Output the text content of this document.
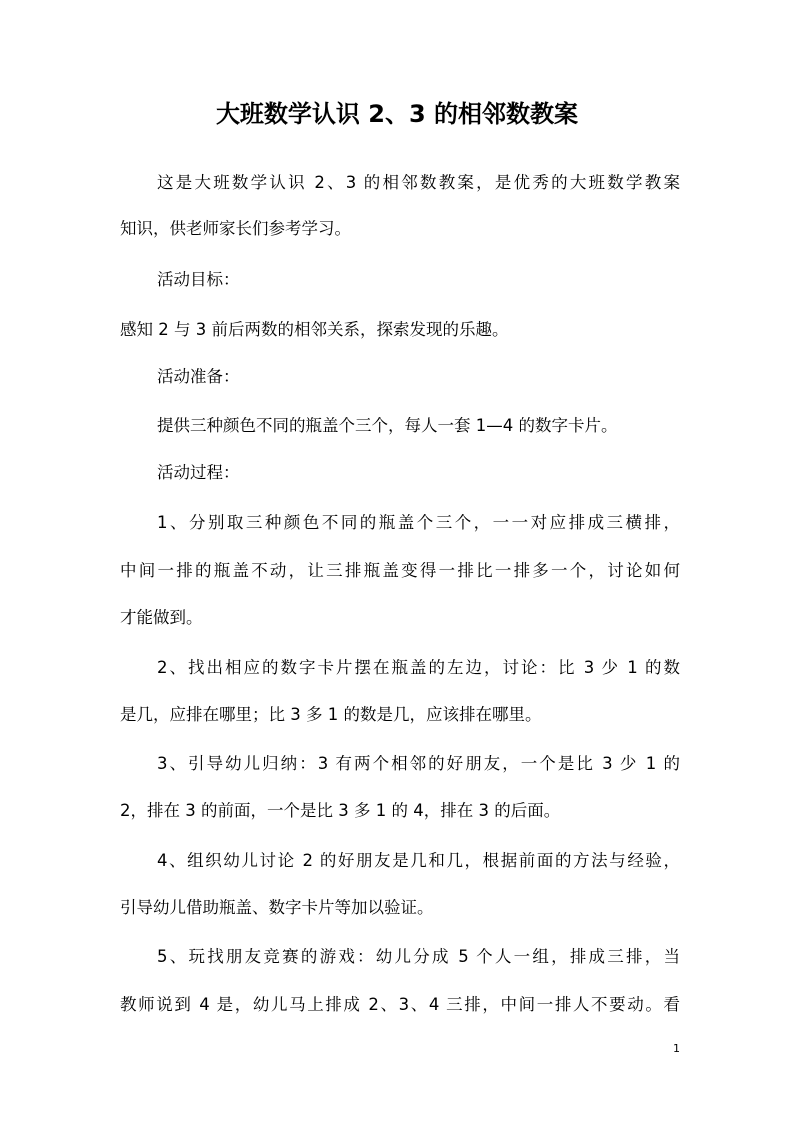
大班数学认识 2、3 的相邻数教案
这是大班数学认识 2、3 的相邻数教案，是优秀的大班数学教案
知识，供老师家长们参考学习。
活动目标：
感知 2 与 3 前后两数的相邻关系，探索发现的乐趣。
活动准备：
提供三种颜色不同的瓶盖个三个，每人一套 1—4 的数字卡片。
活动过程：
1、分别取三种颜色不同的瓶盖个三个，一一对应排成三横排，
中间一排的瓶盖不动，让三排瓶盖变得一排比一排多一个，讨论如何
才能做到。
2、找出相应的数字卡片摆在瓶盖的左边，讨论：比 3 少 1 的数
是几，应排在哪里；比 3 多 1 的数是几，应该排在哪里。
3、引导幼儿归纳：3 有两个相邻的好朋友，一个是比 3 少 1 的
2，排在 3 的前面，一个是比 3 多 1 的 4，排在 3 的后面。
4、组织幼儿讨论 2 的好朋友是几和几，根据前面的方法与经验，
引导幼儿借助瓶盖、数字卡片等加以验证。
5、玩找朋友竞赛的游戏：幼儿分成 5 个人一组，排成三排，当
教师说到 4 是，幼儿马上排成 2、3、4 三排，中间一排人不要动。看
1
